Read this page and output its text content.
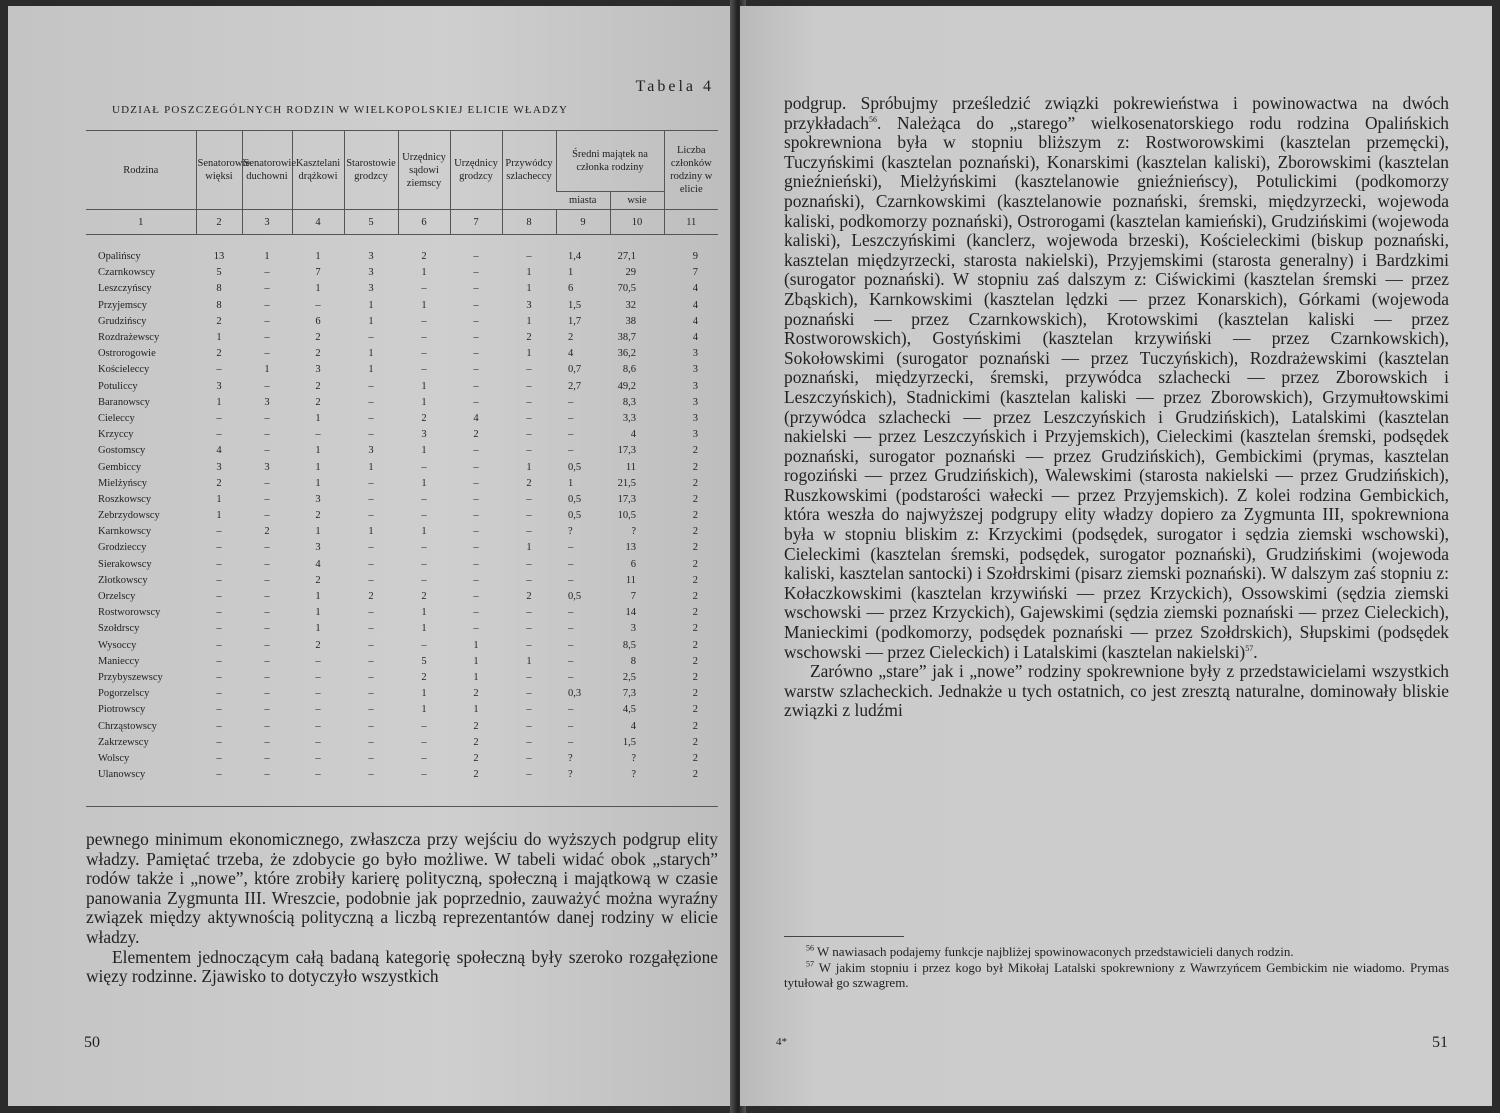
Tabela 4
UDZIAŁ POSZCZEGÓLNYCH RODZIN W WIELKOPOLSKIEJ ELICIE WŁADZY
Rodzina	Senatorowie więksi	Senatorowie duchowni	Kasztelani drążkowi	Starostowie grodzcy	Urzędnicy sądowi ziemscy	Urzędnicy grodzcy	Przywódcy szlacheccy	Średni majątek na członka rodziny		Liczba członków rodziny w elicie
								miasta	wsie	
1	2	3	4	5	6	7	8	9	10	11

Opalińscy	13	1	1	3	2	–	–	1,4	27,1	9
Czarnkowscy	5	–	7	3	1	–	1	1	29	7
Leszczyńscy	8	–	1	3	–	–	1	6	70,5	4
Przyjemscy	8	–	–	1	1	–	3	1,5	32	4
Grudzińscy	2	–	6	1	–	–	1	1,7	38	4
Rozdrażewscy	1	–	2	–	–	–	2	2	38,7	4
Ostrorogowie	2	–	2	1	–	–	1	4	36,2	3
Kościeleccy	–	1	3	1	–	–	–	0,7	8,6	3
Potuliccy	3	–	2	–	1	–	–	2,7	49,2	3
Baranowscy	1	3	2	–	1	–	–	–	8,3	3
Cieleccy	–	–	1	–	2	4	–	–	3,3	3
Krzyccy	–	–	–	–	3	2	–	–	4	3
Gostomscy	4	–	1	3	1	–	–	–	17,3	2
Gembiccy	3	3	1	1	–	–	1	0,5	11	2
Mielżyńscy	2	–	1	–	1	–	2	1	21,5	2
Roszkowscy	1	–	3	–	–	–	–	0,5	17,3	2
Zebrzydowscy	1	–	2	–	–	–	–	0,5	10,5	2
Karnkowscy	–	2	1	1	1	–	–	?	?	2
Grodziecсy	–	–	3	–	–	–	1	–	13	2
Sierakowscy	–	–	4	–	–	–	–	–	6	2
Złotkowscy	–	–	2	–	–	–	–	–	11	2
Orzelscy	–	–	1	2	2	–	2	0,5	7	2
Rostworowscy	–	–	1	–	1	–	–	–	14	2
Szołdrscy	–	–	1	–	1	–	–	–	3	2
Wysoccy	–	–	2	–	–	1	–	–	8,5	2
Manieccy	–	–	–	–	5	1	1	–	8	2
Przybyszewscy	–	–	–	–	2	1	–	–	2,5	2
Pogorzelscy	–	–	–	–	1	2	–	0,3	7,3	2
Piotrowscy	–	–	–	–	1	1	–	–	4,5	2
Chrząstowscy	–	–	–	–	–	2	–	–	4	2
Zakrzewscy	–	–	–	–	–	2	–	–	1,5	2
Wolscy	–	–	–	–	–	2	–	?	?	2
Ulanowscy	–	–	–	–	–	2	–	?	?	2

pewnego minimum ekonomicznego, zwłaszcza przy wejściu do wyższych podgrup elity władzy. Pamiętać trzeba, że zdobycie go było możliwe. W tabeli widać obok „starych” rodów także i „nowe”, które zrobiły karierę polityczną, społeczną i majątkową w czasie panowania Zygmunta III. Wreszcie, podobnie jak poprzednio, zauważyć można wyraźny związek między aktywnością polityczną a liczbą reprezentantów danej rodziny w elicie władzy.

Elementem jednoczącym całą badaną kategorię społeczną były szeroko rozgałęzione więzy rodzinne. Zjawisko to dotyczyło wszystkich

50

podgrup. Spróbujmy prześledzić związki pokrewieństwa i powinowactwa na dwóch przykładach$^{56}$. Należąca do „starego” wielkosenatorskiego rodu rodzina Opalińskich spokrewniona była w stopniu bliższym z: Rostworowskimi (kasztelan przemęcki), Tuczyńskimi (kasztelan poznański), Konarskimi (kasztelan kaliski), Zborowskimi (kasztelan gnieźnieński), Mielżyńskimi (kasztelanowie gnieźnieńscy), Potulickimi (podkomorzy poznański), Czarnkowskimi (kasztelanowie poznański, śremski, międzyrzecki, wojewoda kaliski, podkomorzy poznański), Ostrorogami (kasztelan kamieński), Grudzińskimi (wojewoda kaliski), Leszczyńskimi (kanclerz, wojewoda brzeski), Kościeleckimi (biskup poznański, kasztelan międzyrzecki, starosta nakielski), Przyjemskimi (starosta generalny) i Bardzkimi (surogator poznański). W stopniu zaś dalszym z: Ciświckimi (kasztelan śremski — przez Zbąskich), Karnkowskimi (kasztelan lędzki — przez Konarskich), Górkami (wojewoda poznański — przez Czarnkowskich), Krotowskimi (kasztelan kaliski — przez Rostworowskich), Gostyńskimi (kasztelan krzywiński — przez Czarnkowskich), Sokołowskimi (surogator poznański — przez Tuczyńskich), Rozdrażewskimi (kasztelan poznański, międzyrzecki, śremski, przywódca szlachecki — przez Zborowskich i Leszczyńskich), Stadnickimi (kasztelan kaliski — przez Zborowskich), Grzymułtowskimi (przywódca szlachecki — przez Leszczyńskich i Grudzińskich), Latalskimi (kasztelan nakielski — przez Leszczyńskich i Przyjemskich), Cieleckimi (kasztelan śremski, podsędek poznański, surogator poznański — przez Grudzińskich), Gembickimi (prymas, kasztelan rogoziński — przez Grudzińskich), Walewskimi (starosta nakielski — przez Grudzińskich), Ruszkowskimi (podstarości wałecki — przez Przyjemskich). Z kolei rodzina Gembickich, która weszła do najwyższej podgrupy elity władzy dopiero za Zygmunta III, spokrewniona była w stopniu bliskim z: Krzyckimi (podsędek, surogator i sędzia ziemski wschowski), Cieleckimi (kasztelan śremski, podsędek, surogator poznański), Grudzińskimi (wojewoda kaliski, kasztelan santocki) i Szołdrskimi (pisarz ziemski poznański). W dalszym zaś stopniu z: Kołaczkowskimi (kasztelan krzywiński — przez Krzyckich), Ossowskimi (sędzia ziemski wschowski — przez Krzyckich), Gajewskimi (sędzia ziemski poznański — przez Cieleckich), Manieckimi (podkomorzy, podsędek poznański — przez Szołdrskich), Słupskimi (podsędek wschowski — przez Cieleckich) i Latalskimi (kasztelan nakielski)$^{57}$.

Zarówno „stare” jak i „nowe” rodziny spokrewnione były z przedstawicielami wszystkich warstw szlacheckich. Jednakże u tych ostatnich, co jest zresztą naturalne, dominowały bliskie związki z ludźmi

$^{56}$ W nawiasach podajemy funkcje najbliżej spowinowaconych przedstawicieli danych rodzin.

$^{57}$ W jakim stopniu i przez kogo był Mikołaj Latalski spokrewniony z Wawrzyńcem Gembickim nie wiadomo. Prymas tytułował go szwagrem.

4*	51
